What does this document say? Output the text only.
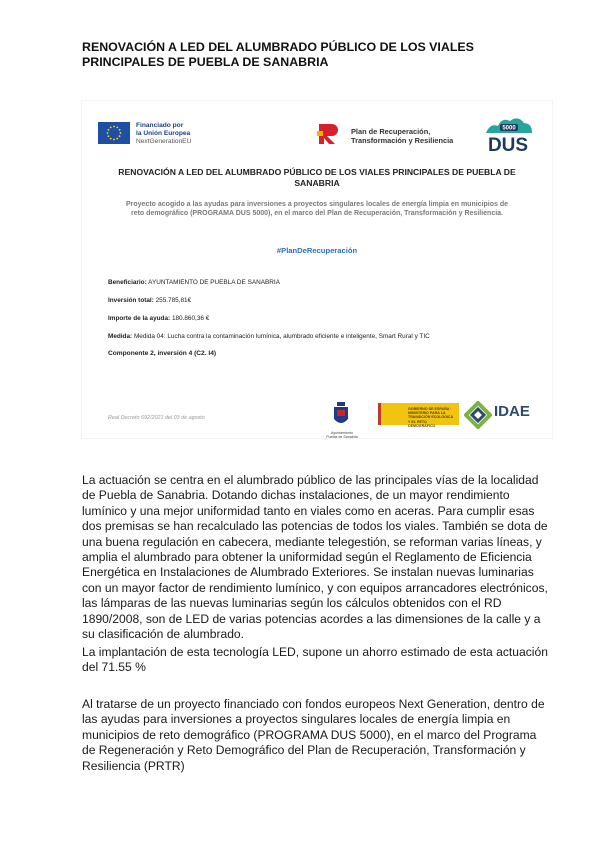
RENOVACIÓN A LED DEL ALUMBRADO PÚBLICO DE LOS VIALES PRINCIPALES DE PUEBLA DE SANABRIA
Financiado por
la Unión Europea
NextGenerationEU
Plan de Recuperación,
Transformación y Resiliencia
5000
DUS
RENOVACIÓN A LED DEL ALUMBRADO PÚBLICO DE LOS VIALES PRINCIPALES DE PUEBLA DE SANABRIA
Proyecto acogido a las ayudas para inversiones a proyectos singulares locales de energía limpia en municipios de reto demográfico (PROGRAMA DUS 5000), en el marco del Plan de Recuperación, Transformación y Resiliencia.
#PlanDeRecuperación
Beneficiario: AYUNTAMIENTO DE PUEBLA DE SANABRIA
Inversión total: 255.785,81€
Importe de la ayuda: 180.860,36 €
Medida: Medida 04: Lucha contra la contaminación lumínica, alumbrado eficiente e inteligente, Smart Rural y TIC
Componente 2, inversión 4 (C2. I4)
Real Decreto 692/2021 del 03 de agosto
Ayuntamiento
Puebla de Sanabria
GOBIERNO DE ESPAÑA · MINISTERIO PARA LA TRANSICIÓN ECOLÓGICA Y EL RETO DEMOGRÁFICO
IDAE

La actuación se centra en el alumbrado público de las principales vías de la localidad de Puebla de Sanabria. Dotando dichas instalaciones, de un mayor rendimiento lumínico y una mejor uniformidad tanto en viales como en aceras. Para cumplir esas dos premisas se han recalculado las potencias de todos los viales. También se dota de una buena regulación en cabecera, mediante telegestión, se reforman varias líneas, y amplia el alumbrado para obtener la uniformidad según el Reglamento de Eficiencia Energética en Instalaciones de Alumbrado Exteriores. Se instalan nuevas luminarias con un mayor factor de rendimiento lumínico, y con equipos arrancadores electrónicos, las lámparas de las nuevas luminarias según los cálculos obtenidos con el RD 1890/2008, son de LED de varias potencias acordes a las dimensiones de la calle y a su clasificación de alumbrado.

La implantación de esta tecnología LED, supone un ahorro estimado de esta actuación del 71.55 %

Al tratarse de un proyecto financiado con fondos europeos Next Generation, dentro de las ayudas para inversiones a proyectos singulares locales de energía limpia en municipios de reto demográfico (PROGRAMA DUS 5000), en el marco del Programa de Regeneración y Reto Demográfico del Plan de Recuperación, Transformación y Resiliencia (PRTR)
